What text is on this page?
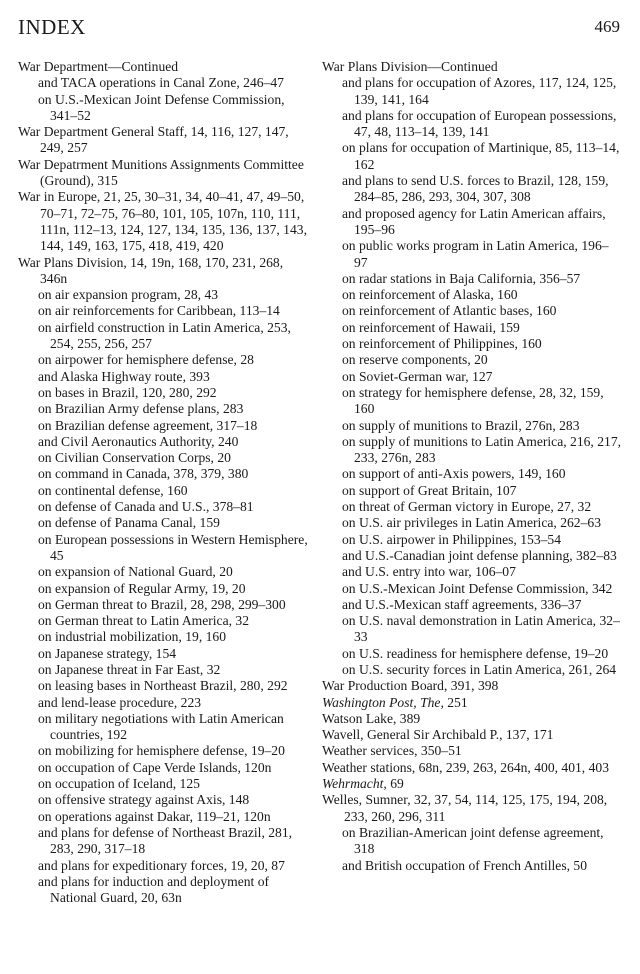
INDEX	469
War Department—Continued
and TACA operations in Canal Zone, 246–47
on U.S.-Mexican Joint Defense Commission, 341–52
War Department General Staff, 14, 116, 127, 147, 249, 257
War Depatrment Munitions Assignments Committee (Ground), 315
War in Europe, 21, 25, 30–31, 34, 40–41, 47, 49–50, 70–71, 72–75, 76–80, 101, 105, 107n, 110, 111, 111n, 112–13, 124, 127, 134, 135, 136, 137, 143, 144, 149, 163, 175, 418, 419, 420
War Plans Division, 14, 19n, 168, 170, 231, 268, 346n
on air expansion program, 28, 43
on air reinforcements for Caribbean, 113–14
on airfield construction in Latin America, 253, 254, 255, 256, 257
on airpower for hemisphere defense, 28
and Alaska Highway route, 393
on bases in Brazil, 120, 280, 292
on Brazilian Army defense plans, 283
on Brazilian defense agreement, 317–18
and Civil Aeronautics Authority, 240
on Civilian Conservation Corps, 20
on command in Canada, 378, 379, 380
on continental defense, 160
on defense of Canada and U.S., 378–81
on defense of Panama Canal, 159
on European possessions in Western Hemisphere, 45
on expansion of National Guard, 20
on expansion of Regular Army, 19, 20
on German threat to Brazil, 28, 298, 299–300
on German threat to Latin America, 32
on industrial mobilization, 19, 160
on Japanese strategy, 154
on Japanese threat in Far East, 32
on leasing bases in Northeast Brazil, 280, 292
and lend-lease procedure, 223
on military negotiations with Latin American countries, 192
on mobilizing for hemisphere defense, 19–20
on occupation of Cape Verde Islands, 120n
on occupation of Iceland, 125
on offensive strategy against Axis, 148
on operations against Dakar, 119–21, 120n
and plans for defense of Northeast Brazil, 281, 283, 290, 317–18
and plans for expeditionary forces, 19, 20, 87
and plans for induction and deployment of National Guard, 20, 63n
War Plans Division—Continued
and plans for occupation of Azores, 117, 124, 125, 139, 141, 164
and plans for occupation of European possessions, 47, 48, 113–14, 139, 141
on plans for occupation of Martinique, 85, 113–14, 162
and plans to send U.S. forces to Brazil, 128, 159, 284–85, 286, 293, 304, 307, 308
and proposed agency for Latin American affairs, 195–96
on public works program in Latin America, 196–97
on radar stations in Baja California, 356–57
on reinforcement of Alaska, 160
on reinforcement of Atlantic bases, 160
on reinforcement of Hawaii, 159
on reinforcement of Philippines, 160
on reserve components, 20
on Soviet-German war, 127
on strategy for hemisphere defense, 28, 32, 159, 160
on supply of munitions to Brazil, 276n, 283
on supply of munitions to Latin America, 216, 217, 233, 276n, 283
on support of anti-Axis powers, 149, 160
on support of Great Britain, 107
on threat of German victory in Europe, 27, 32
on U.S. air privileges in Latin America, 262–63
on U.S. airpower in Philippines, 153–54
and U.S.-Canadian joint defense planning, 382–83
and U.S. entry into war, 106–07
on U.S.-Mexican Joint Defense Commission, 342
and U.S.-Mexican staff agreements, 336–37
on U.S. naval demonstration in Latin America, 32–33
on U.S. readiness for hemisphere defense, 19–20
on U.S. security forces in Latin America, 261, 264
War Production Board, 391, 398
Washington Post, The, 251
Watson Lake, 389
Wavell, General Sir Archibald P., 137, 171
Weather services, 350–51
Weather stations, 68n, 239, 263, 264n, 400, 401, 403
Wehrmacht, 69
Welles, Sumner, 32, 37, 54, 114, 125, 175, 194, 208, 233, 260, 296, 311
on Brazilian-American joint defense agreement, 318
and British occupation of French Antilles, 50
